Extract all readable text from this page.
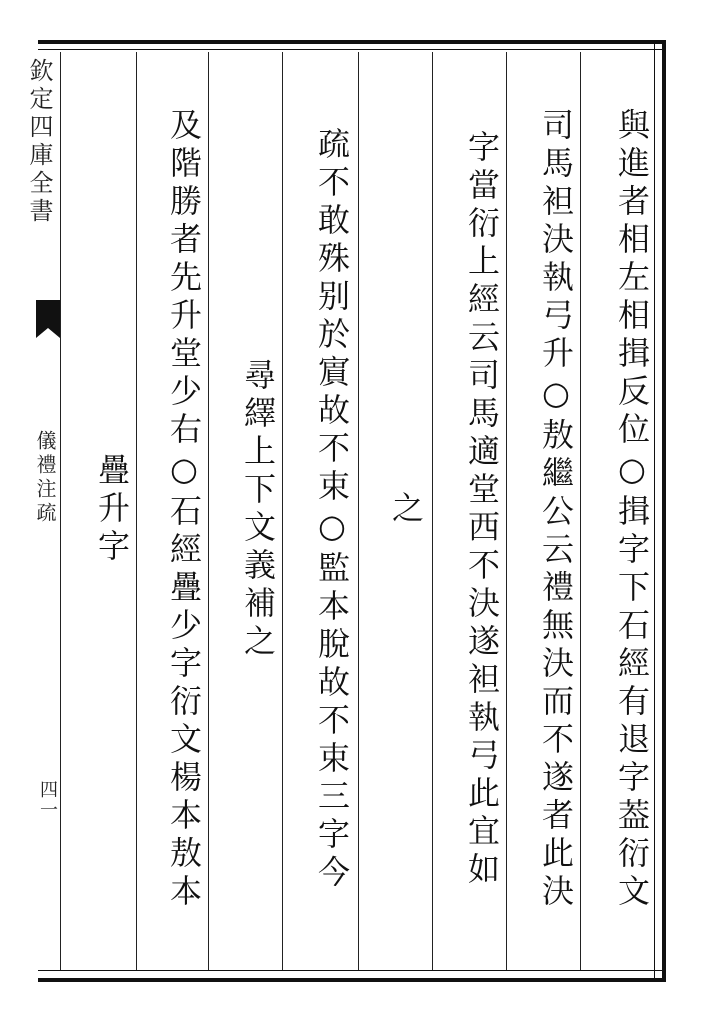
欽定四庫全書
儀禮注疏
四一	與進者相左相揖反位○揖字下石經有退字葢衍文
司馬袒決執弓升○敖繼公云禮無決而不遂者此決
字當衍上經云司馬適堂西不決遂袒執弓此宜如
之
疏不敢殊别於賔故不束○監本脫故不束三字今
尋繹上下文義補之
及階勝者先升堂少右○石經疊少字衍文楊本敖本
疊升字
